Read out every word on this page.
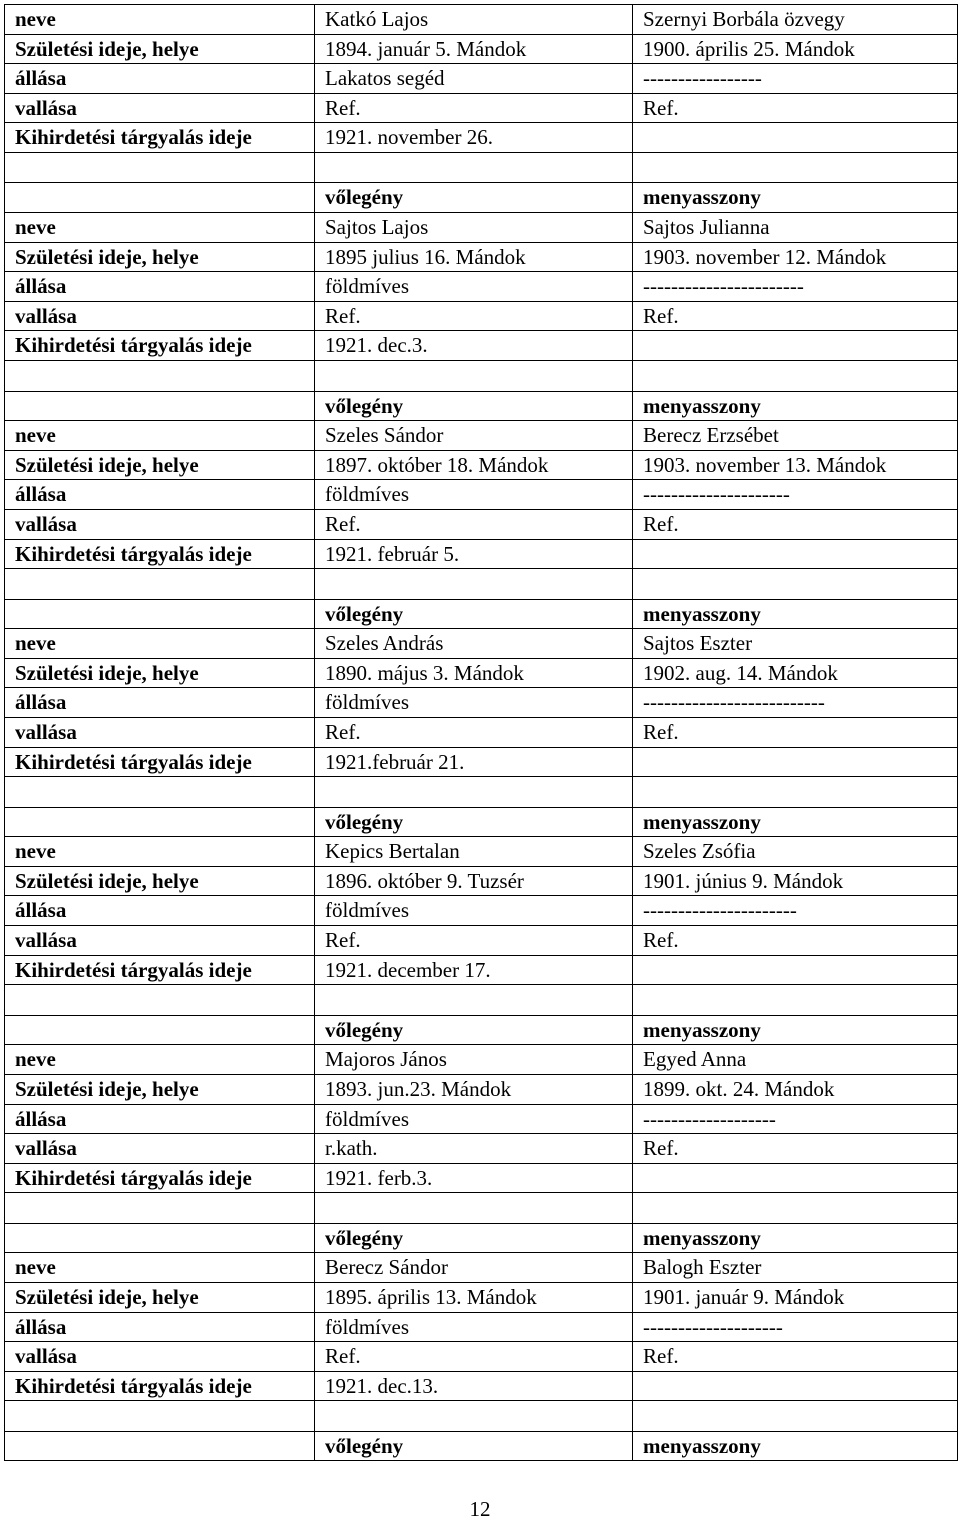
neve	Katkó Lajos	Szernyi Borbála özvegy
Születési ideje, helye	1894. január 5. Mándok	1900. április 25. Mándok
állása	Lakatos segéd	-----------------
vallása	Ref.	Ref.
Kihirdetési tárgyalás ideje	1921. november 26.	

	vőlegény	menyasszony
neve	Sajtos Lajos	Sajtos Julianna
Születési ideje, helye	1895 julius 16. Mándok	1903. november 12. Mándok
állása	földmíves	-----------------------
vallása	Ref.	Ref.
Kihirdetési tárgyalás ideje	1921. dec.3.	

	vőlegény	menyasszony
neve	Szeles Sándor	Berecz Erzsébet
Születési ideje, helye	1897. október 18. Mándok	1903. november 13. Mándok
állása	földmíves	---------------------
vallása	Ref.	Ref.
Kihirdetési tárgyalás ideje	1921. február 5.	

	vőlegény	menyasszony
neve	Szeles András	Sajtos Eszter
Születési ideje, helye	1890. május 3. Mándok	1902. aug. 14. Mándok
állása	földmíves	--------------------------
vallása	Ref.	Ref.
Kihirdetési tárgyalás ideje	1921.február 21.	

	vőlegény	menyasszony
neve	Kepics Bertalan	Szeles Zsófia
Születési ideje, helye	1896. október 9. Tuzsér	1901. június 9. Mándok
állása	földmíves	----------------------
vallása	Ref.	Ref.
Kihirdetési tárgyalás ideje	1921. december 17.	

	vőlegény	menyasszony
neve	Majoros János	Egyed Anna
Születési ideje, helye	1893. jun.23. Mándok	1899. okt. 24. Mándok
állása	földmíves	-------------------
vallása	r.kath.	Ref.
Kihirdetési tárgyalás ideje	1921. ferb.3.	

	vőlegény	menyasszony
neve	Berecz Sándor	Balogh Eszter
Születési ideje, helye	1895. április 13. Mándok	1901. január 9. Mándok
állása	földmíves	--------------------
vallása	Ref.	Ref.
Kihirdetési tárgyalás ideje	1921. dec.13.	

	vőlegény	menyasszony
12
